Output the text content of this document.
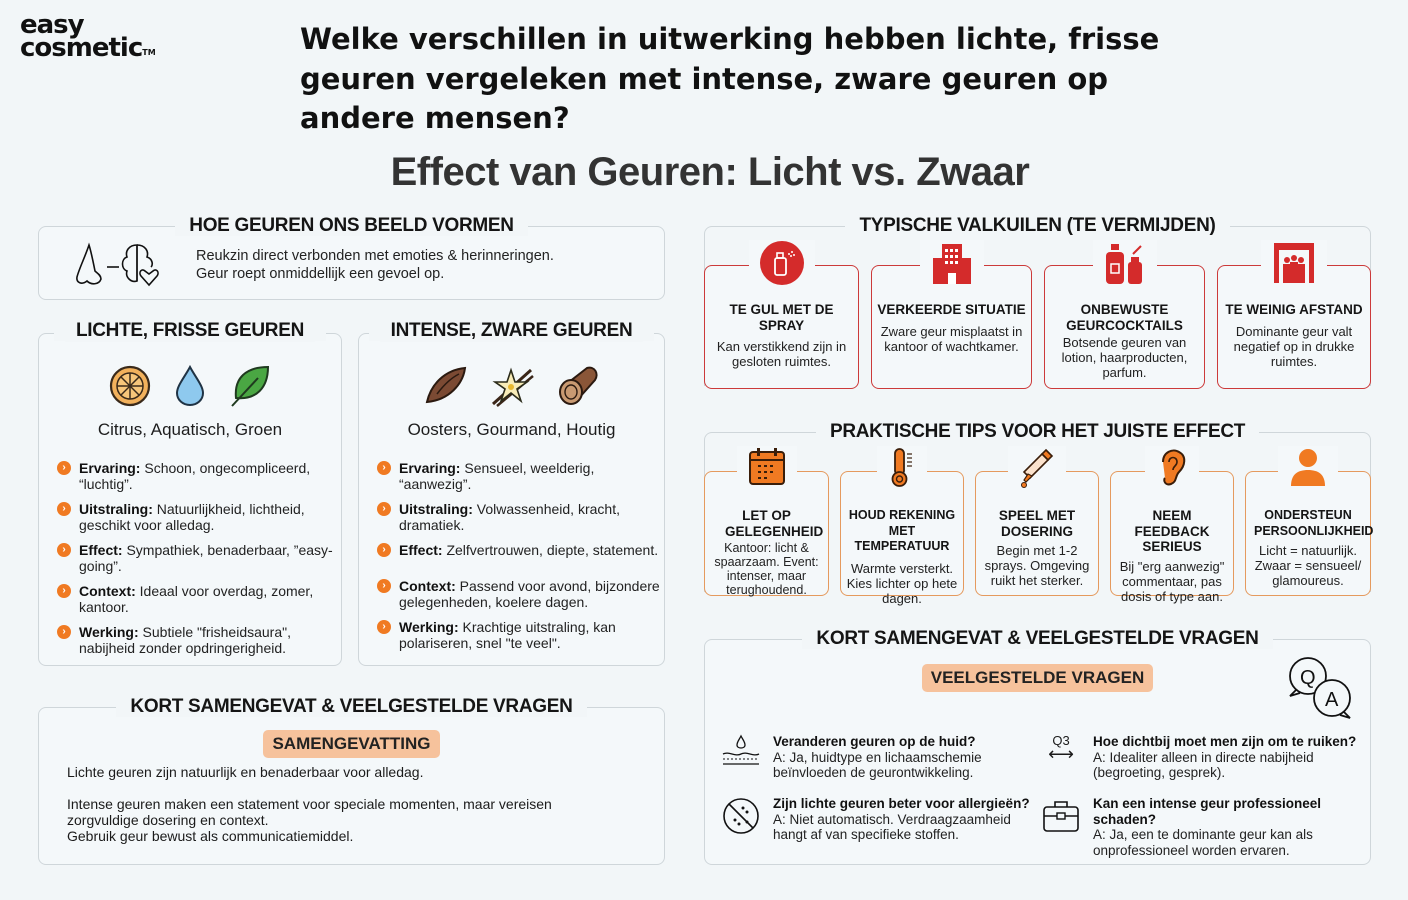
easy
cosmetic™	Welke verschillen in uitwerking hebben lichte, frisse geuren vergeleken met intense, zware geuren op andere mensen?
Effect van Geuren: Licht vs. Zwaar
HOE GEUREN ONS BEELD VORMEN
Reukzin direct verbonden met emoties & herinneringen.
Geur roept onmiddellijk een gevoel op.
LICHTE, FRISSE GEUREN
Citrus, Aquatisch, Groen
› Ervaring: Schoon, ongecompliceerd, “luchtig”.
› Uitstraling: Natuurlijkheid, lichtheid, geschikt voor alledag.
› Effect: Sympathiek, benaderbaar, ”easy-going”.
› Context: Ideaal voor overdag, zomer, kantoor.
› Werking: Subtiele "frisheidsaura", nabijheid zonder opdringerigheid.
INTENSE, ZWARE GEUREN
Oosters, Gourmand, Houtig
› Ervaring: Sensueel, weelderig, “aanwezig”.
› Uitstraling: Volwassenheid, kracht, dramatiek.
› Effect: Zelfvertrouwen, diepte, statement.
› Context: Passend voor avond, bijzondere gelegenheden, koelere dagen.
› Werking: Krachtige uitstraling, kan polariseren, snel "te veel".
KORT SAMENGEVAT & VEELGESTELDE VRAGEN
SAMENGEVATTING
Lichte geuren zijn natuurlijk en benaderbaar voor alledag.
Intense geuren maken een statement voor speciale momenten, maar vereisen zorgvuldige dosering en context.
Gebruik geur bewust als communicatiemiddel.
TYPISCHE VALKUILEN (TE VERMIJDEN)
TE GUL MET DE SPRAY

Kan verstikkend zijn in gesloten ruimtes.

VERKEERDE SITUATIE

Zware geur misplaatst in kantoor of wachtkamer.

ONBEWUSTE GEURCOCKTAILS

Botsende geuren van lotion, haarproducten, parfum.

TE WEINIG AFSTAND

Dominante geur valt negatief op in drukke ruimtes.

PRAKTISCHE TIPS VOOR HET JUISTE EFFECT
LET OP GELEGENHEID

Kantoor: licht & spaarzaam. Event: intenser, maar terughoudend.

HOUD REKENING MET TEMPERATUUR

Warmte versterkt. Kies lichter op hete dagen.

SPEEL MET DOSERING

Begin met 1-2 sprays. Omgeving ruikt het sterker.

NEEM FEEDBACK SERIEUS

Bij "erg aanwezig" commentaar, pas dosis of type aan.

ONDERSTEUN PERSOONLIJKHEID

Licht = natuurlijk. Zwaar = sensueel/ glamoureus.

KORT SAMENGEVAT & VEELGESTELDE VRAGEN
VEELGESTELDE VRAGEN	Q
A
Veranderen geuren op de huid?
A: Ja, huidtype en lichaamschemie beïnvloeden de geurontwikkeling.
Q3
⟷
Hoe dichtbij moet men zijn om te ruiken?
A: Idealiter alleen in directe nabijheid (begroeting, gesprek).
Zijn lichte geuren beter voor allergieën?
A: Niet automatisch. Verdraagzaamheid hangt af van specifieke stoffen.
Kan een intense geur professioneel schaden?
A: Ja, een te dominante geur kan als onprofessioneel worden ervaren.
